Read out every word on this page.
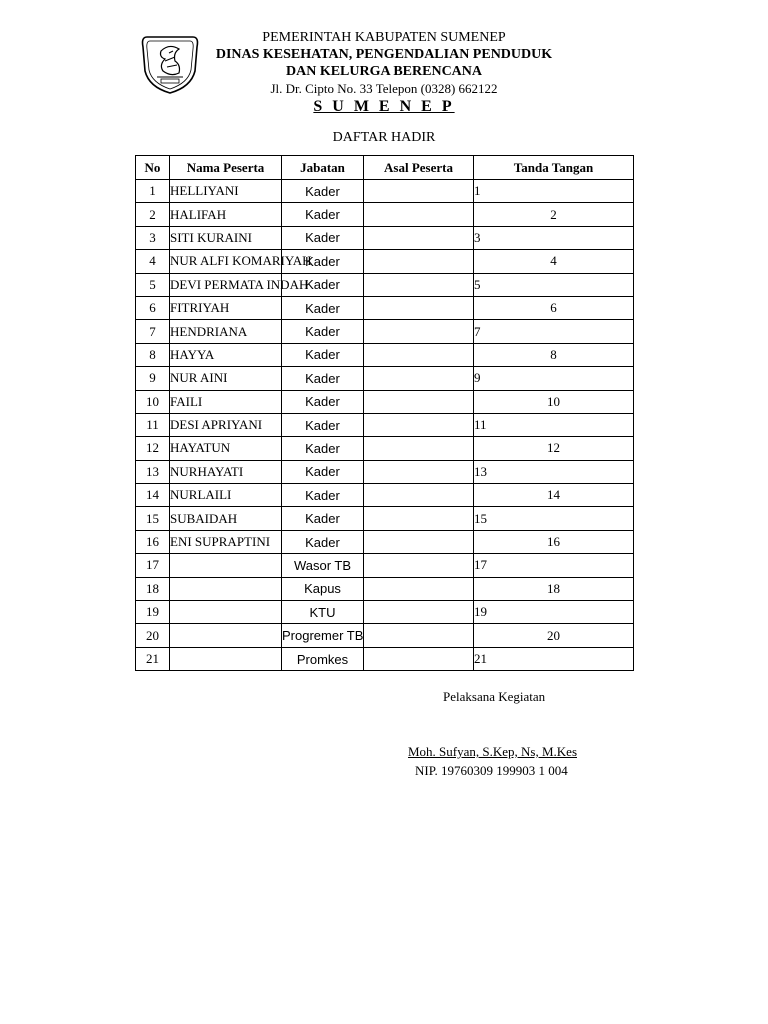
PEMERINTAH KABUPATEN SUMENEP
DINAS KESEHATAN, PENGENDALIAN PENDUDUK
DAN KELURGA BERENCANA
Jl. Dr. Cipto No. 33 Telepon (0328) 662122
S U M E N E P
DAFTAR HADIR
No	Nama Peserta	Jabatan	Asal Peserta	Tanda Tangan
1	HELLIYANI	Kader		1
2	HALIFAH	Kader		2
3	SITI KURAINI	Kader		3
4	NUR ALFI KOMARIYAH	Kader		4
5	DEVI PERMATA INDAH	Kader		5
6	FITRIYAH	Kader		6
7	HENDRIANA	Kader		7
8	HAYYA	Kader		8
9	NUR AINI	Kader		9
10	FAILI	Kader		10
11	DESI APRIYANI	Kader		11
12	HAYATUN	Kader		12
13	NURHAYATI	Kader		13
14	NURLAILI	Kader		14
15	SUBAIDAH	Kader		15
16	ENI SUPRAPTINI	Kader		16
17		Wasor TB		17
18		Kapus		18
19		KTU		19
20		Progremer TB		20
21		Promkes		21
Pelaksana Kegiatan
Moh. Sufyan, S.Kep, Ns, M.Kes
NIP. 19760309 199903 1 004
